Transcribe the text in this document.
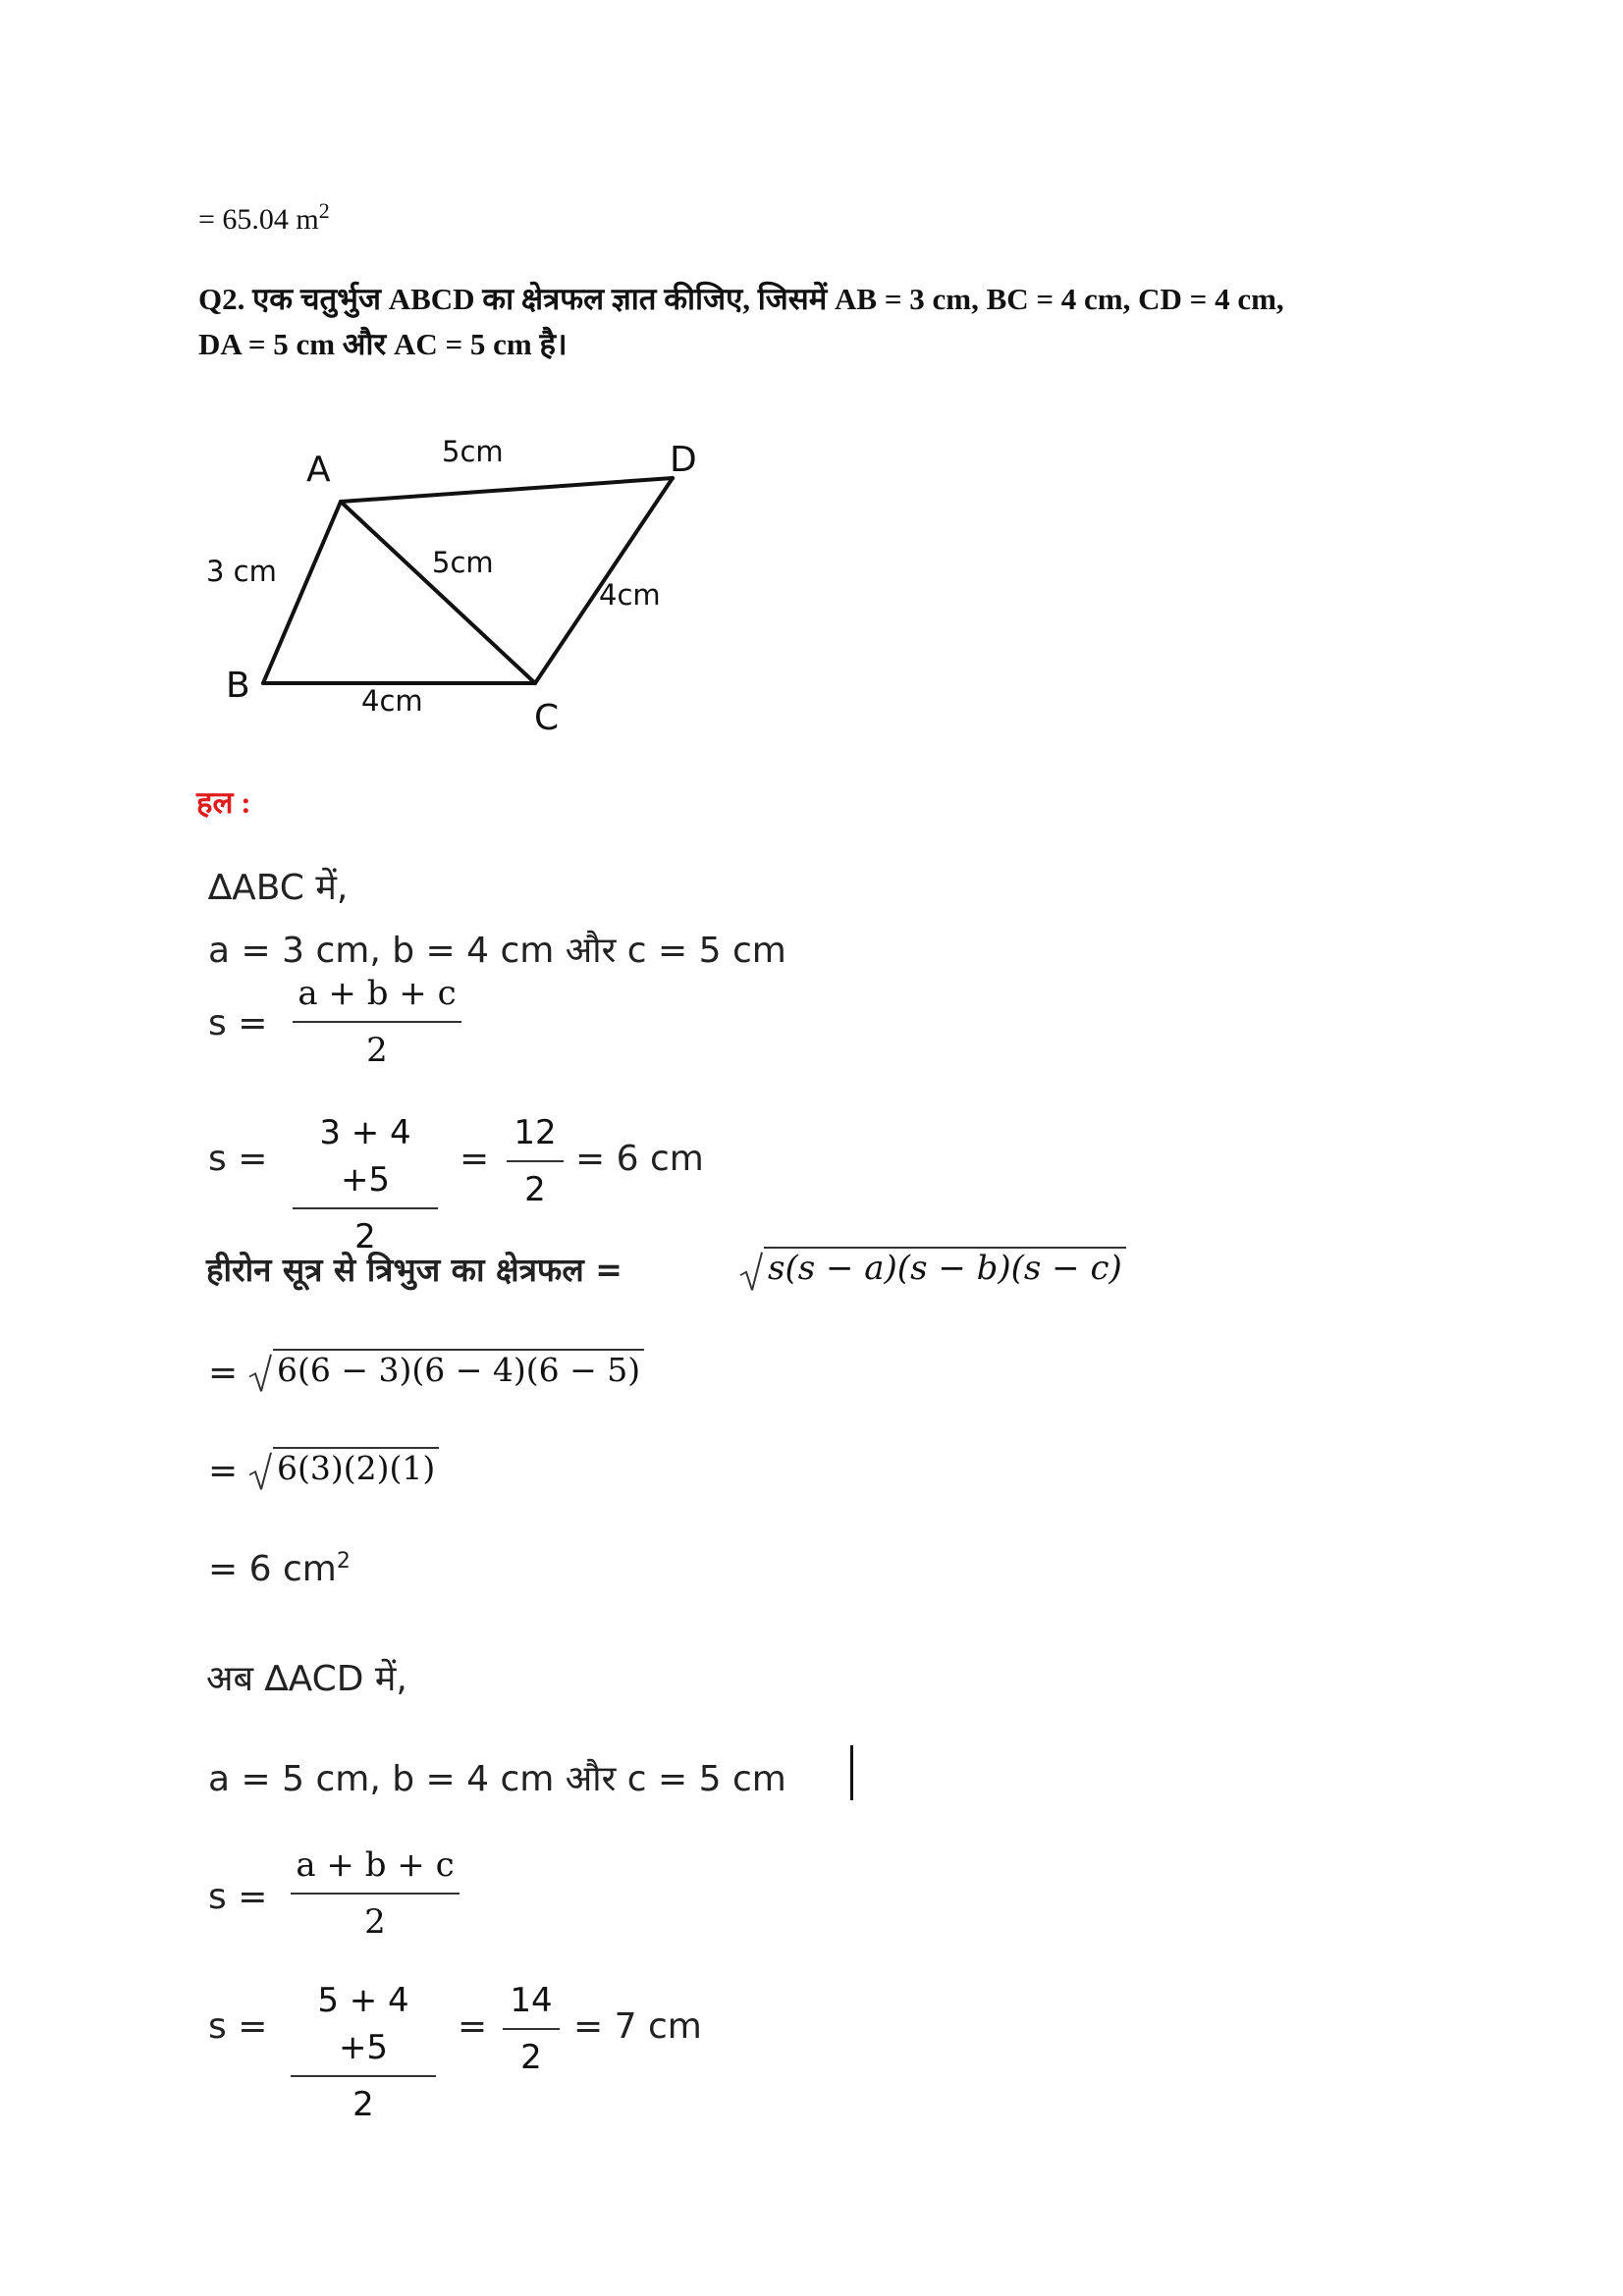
= 65.04 $m^2$
Q2. एक चतुर्भुज ABCD का क्षेत्रफल ज्ञात कीजिए, जिसमें AB = 3 cm, BC = 4 cm, CD = 4 cm,
DA = 5 cm और AC = 5 cm है।
A
B
C
D
5cm
3 cm	5cm
4cm
4cm
हल :
∆ABC में,
a = 3 cm, b = 4 cm और c = 5 cm
s =
a + b + c
2
s =
3 + 4 +5
2
=
12
2
= 6 cm
हीरोन सूत्र से त्रिभुज का क्षेत्रफल =	s(s − a)(s − b)(s − c)
=	6(6 − 3)(6 − 4)(6 − 5)
=	6(3)(2)(1)
= 6 $cm^2$
अब ∆ACD में,
a = 5 cm, b = 4 cm और c = 5 cm
s =
a + b + c
2
s =
5 + 4 +5
2
=
14
2
= 7 cm
